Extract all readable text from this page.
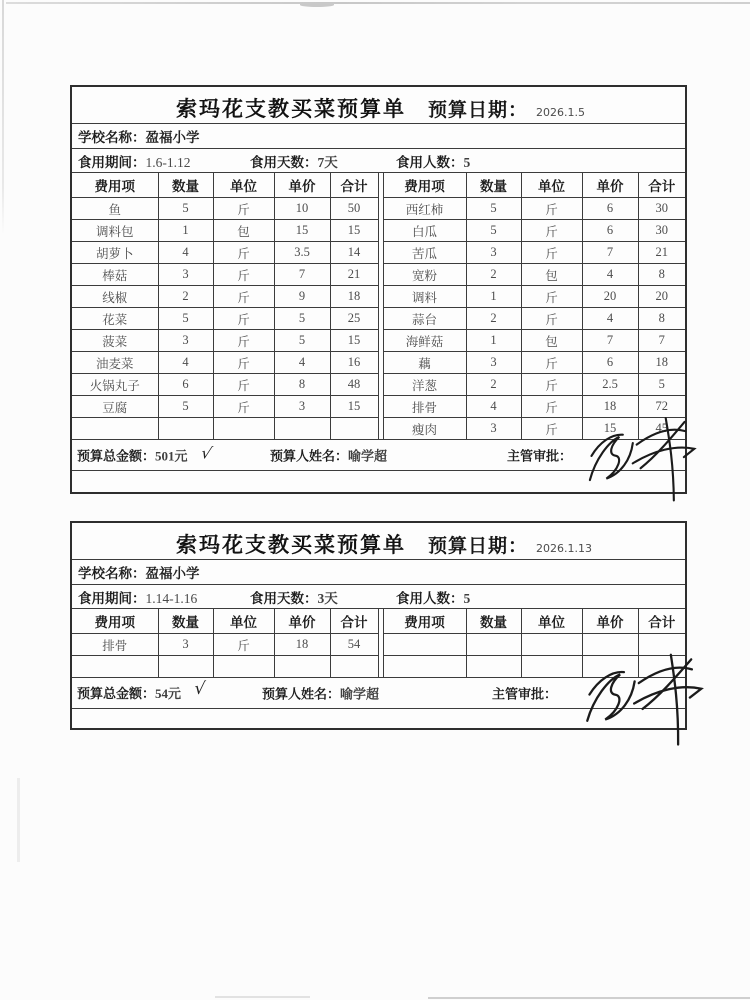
索玛花支教买菜预算单 预算日期： 2026.1.5										

学校名称：盈福小学										

食用期间：1.6-1.12 食用天数：7天 食用人数：5										

费用项	数量	单位	单价	合计		费用项	数量	单位	单价	合计
鱼	5	斤	10	50		西红柿	5	斤	6	30
调料包	1	包	15	15		白瓜	5	斤	6	30
胡萝卜	4	斤	3.5	14		苦瓜	3	斤	7	21
棒菇	3	斤	7	21		宽粉	2	包	4	8
线椒	2	斤	9	18		调料	1	斤	20	20
花菜	5	斤	5	25		蒜台	2	斤	4	8
菠菜	3	斤	5	15		海鲜菇	1	包	7	7
油麦菜	4	斤	4	16		藕	3	斤	6	18
火锅丸子	6	斤	8	48		洋葱	2	斤	2.5	5
豆腐	5	斤	3	15		排骨	4	斤	18	72
						瘦肉	3	斤	15	45

预算总金额：501元 √ 预算人姓名：喻学超 主管审批：										

索玛花支教买菜预算单 预算日期： 2026.1.13										

学校名称：盈福小学										

食用期间：1.14-1.16 食用天数：3天 食用人数：5										

费用项	数量	单位	单价	合计		费用项	数量	单位	单价	合计
排骨	3	斤	18	54						

预算总金额：54元 √ 预算人姓名：喻学超 主管审批：										
